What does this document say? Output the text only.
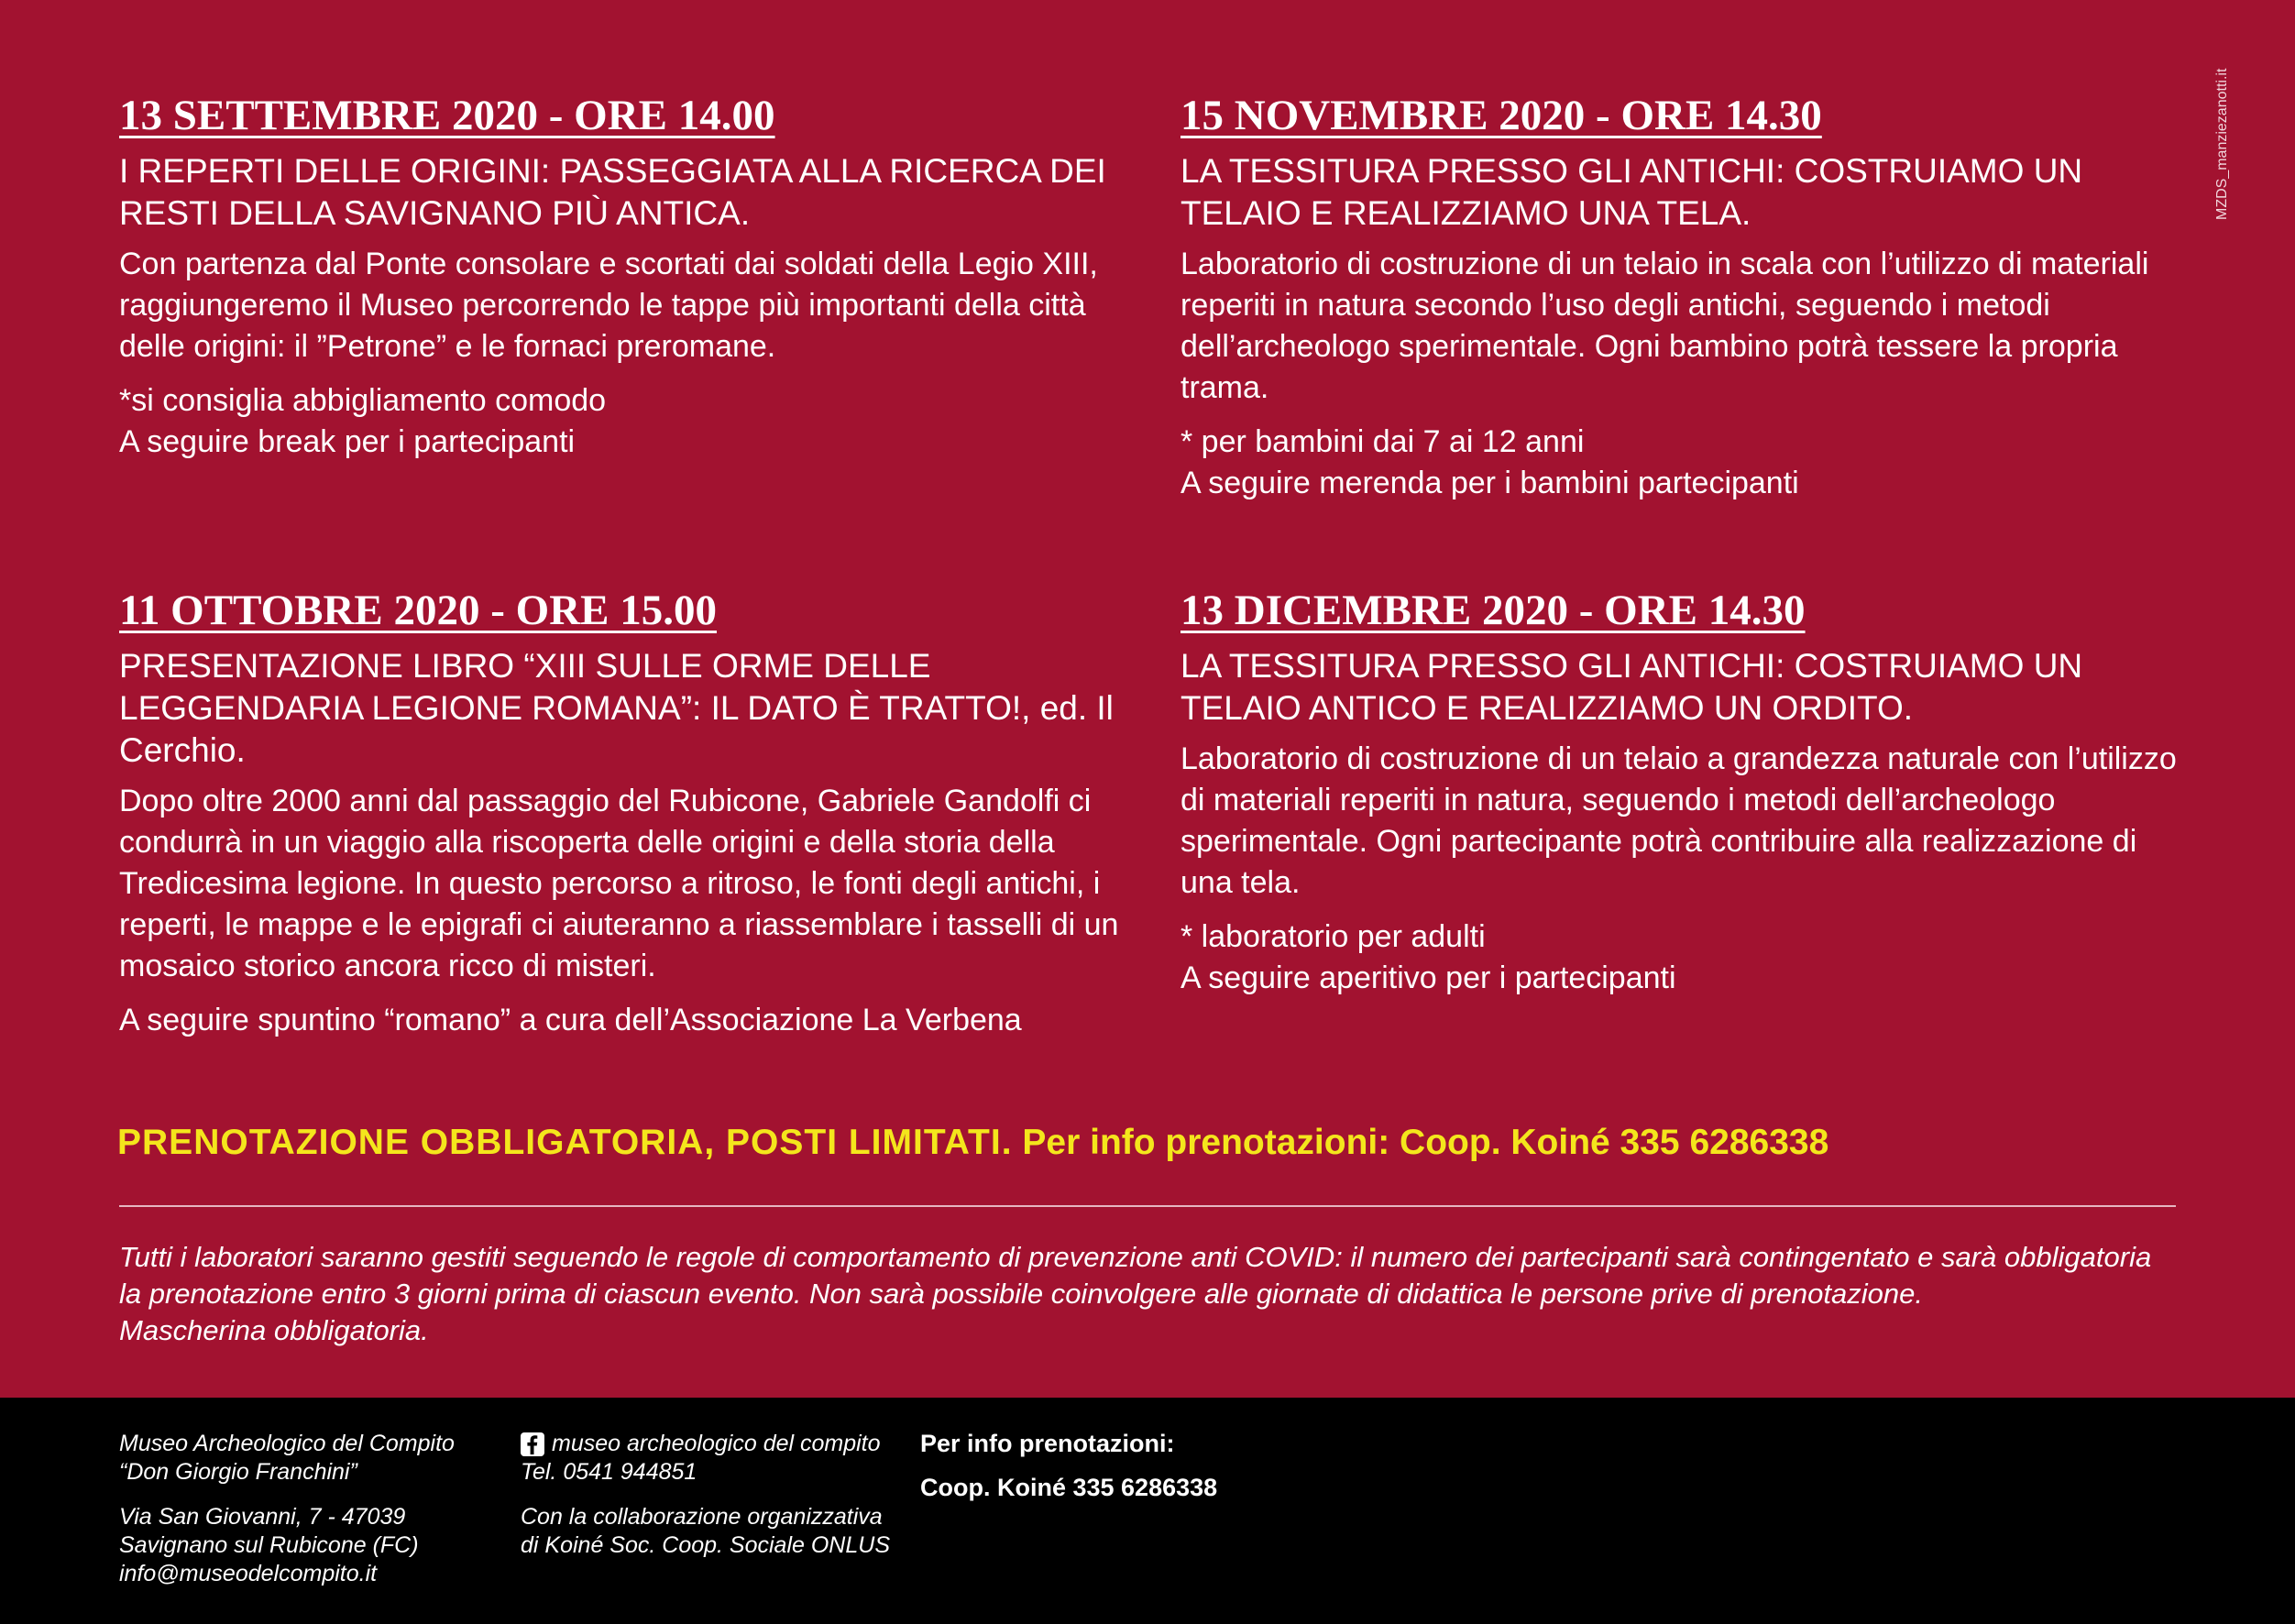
13 SETTEMBRE 2020 - ORE 14.00
I REPERTI DELLE ORIGINI: PASSEGGIATA ALLA RICERCA DEI RESTI DELLA SAVIGNANO PIÙ ANTICA.
Con partenza dal Ponte consolare e scortati dai soldati della Legio XIII, raggiungeremo il Museo percorrendo le tappe più importanti della città delle origini: il ”Petrone” e le fornaci preromane.
*si consiglia abbigliamento comodo
A seguire break per i partecipanti
11 OTTOBRE 2020 - ORE 15.00
PRESENTAZIONE LIBRO “XIII SULLE ORME DELLE LEGGENDARIA LEGIONE ROMANA”: IL DATO È TRATTO!, ed. Il Cerchio.
Dopo oltre 2000 anni dal passaggio del Rubicone, Gabriele Gandolfi ci condurrà in un viaggio alla riscoperta delle origini e della storia della Tredicesima legione. In questo percorso a ritroso, le fonti degli antichi, i reperti, le mappe e le epigrafi ci aiuteranno a riassemblare i tasselli di un mosaico storico ancora ricco di misteri.
A seguire spuntino “romano” a cura dell’Associazione La Verbena
15 NOVEMBRE 2020 - ORE 14.30
LA TESSITURA PRESSO GLI ANTICHI: COSTRUIAMO UN TELAIO E REALIZZIAMO UNA TELA.
Laboratorio di costruzione di un telaio in scala con l’utilizzo di materiali reperiti in natura secondo l’uso degli antichi, seguendo i metodi dell’archeologo sperimentale. Ogni bambino potrà tessere la propria trama.
* per bambini dai 7 ai 12 anni
A seguire merenda per i bambini partecipanti
13 DICEMBRE 2020 - ORE 14.30
LA TESSITURA PRESSO GLI ANTICHI: COSTRUIAMO UN TELAIO ANTICO E REALIZZIAMO UN ORDITO.
Laboratorio di costruzione di un telaio a grandezza naturale con l’utilizzo di materiali reperiti in natura, seguendo i metodi dell’archeologo sperimentale. Ogni partecipante potrà contribuire alla realizzazione di una tela.
* laboratorio per adulti
A seguire aperitivo per i partecipanti
MZDS_manziezanotti.it
PRENOTAZIONE OBBLIGATORIA, POSTI LIMITATI. Per info prenotazioni: Coop. Koiné 335 6286338
Tutti i laboratori saranno gestiti seguendo le regole di comportamento di prevenzione anti COVID: il numero dei partecipanti sarà contingentato e sarà obbligatoria
la prenotazione entro 3 giorni prima di ciascun evento. Non sarà possibile coinvolgere alle giornate di didattica le persone prive di prenotazione.
Mascherina obbligatoria.
Museo Archeologico del Compito
“Don Giorgio Franchini”
Via San Giovanni, 7 - 47039
Savignano sul Rubicone (FC)
info@museodelcompito.it
museo archeologico del compito
Tel. 0541 944851
Con la collaborazione organizzativa
di Koiné Soc. Coop. Sociale ONLUS
Per info prenotazioni:
Coop. Koiné 335 6286338
